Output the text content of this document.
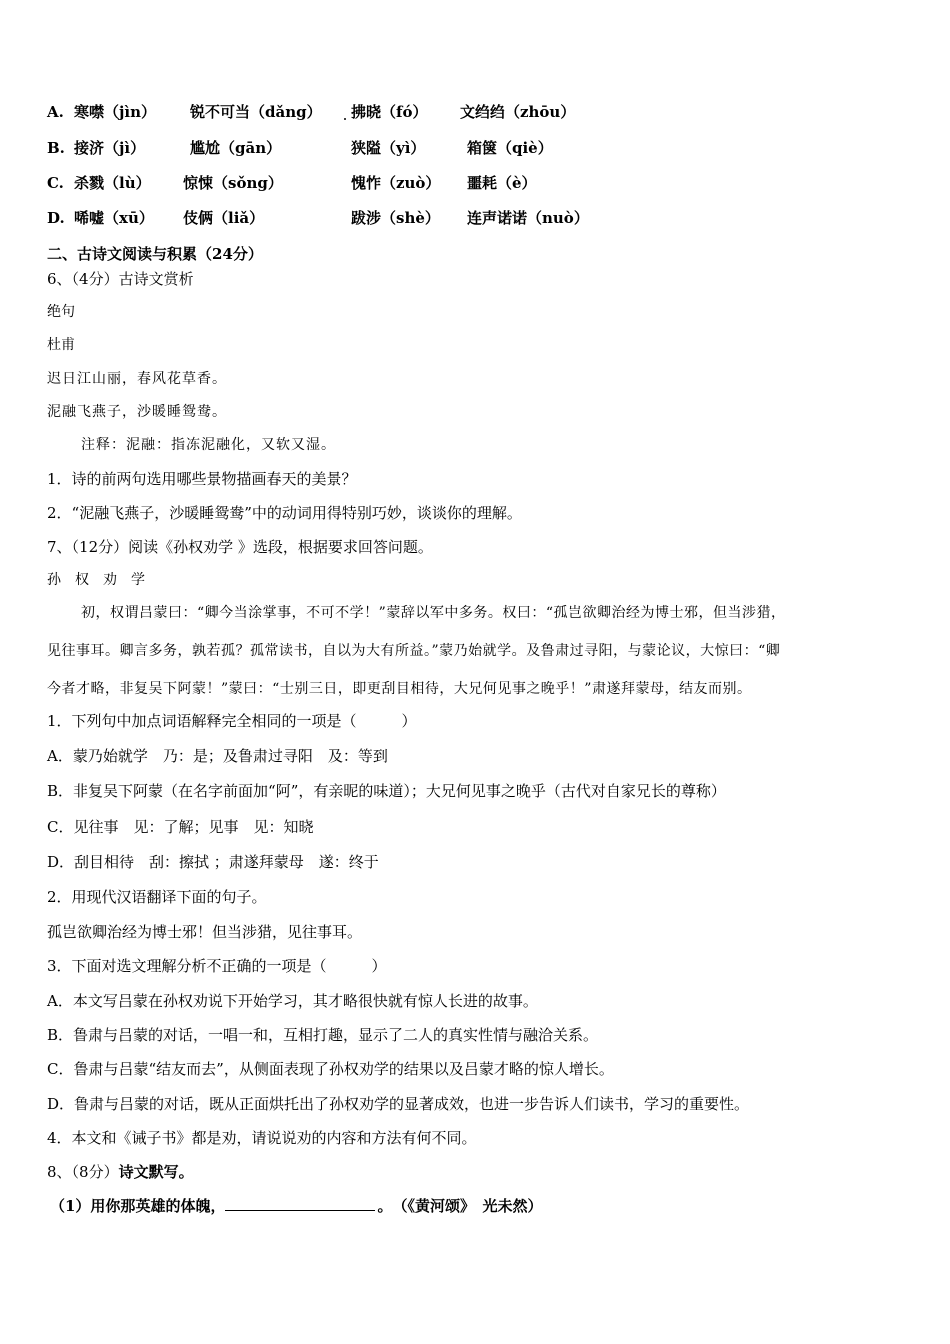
A. 寒噤（jìn） 锐不可当（dǎng） 拂晓（fó） 文绉绉（zhōu）
B. 接济（jì）	尴尬（gān）	狭隘（yì）	箱箧（qiè）
C. 杀戮（lù） 惊悚（sǒng）	愧怍（zuò） 噩耗（è）
D. 唏嘘（xū） 伎俩（liǎ）	跋涉（shè） 连声诺诺（nuò）
二、古诗文阅读与积累（24分）
6、（4分）古诗文赏析
绝句
杜甫
迟日江山丽，春风花草香。
泥融飞燕子，沙暖睡鸳鸯。
注释：泥融：指冻泥融化，又软又湿。
1．诗的前两句选用哪些景物描画春天的美景？
2．“泥融飞燕子，沙暖睡鸳鸯”中的动词用得特别巧妙，谈谈你的理解。
7、（12分）阅读《孙权劝学 》选段，根据要求回答问题。
孙　权　劝　学
初，权谓吕蒙曰：“卿今当涂掌事，不可不学！”蒙辞以军中多务。权曰：“孤岂欲卿治经为博士邪，但当涉猎，
见往事耳。卿言多务，孰若孤？孤常读书，自以为大有所益。”蒙乃始就学。及鲁肃过寻阳，与蒙论议，大惊曰：“卿
今者才略，非复吴下阿蒙！”蒙曰：“士别三日，即更刮目相待，大兄何见事之晚乎！”肃遂拜蒙母，结友而别。
1．下列句中加点词语解释完全相同的一项是（　　　）
A．蒙乃始就学　乃：是；及鲁肃过寻阳　及：等到
B．非复吴下阿蒙（在名字前面加“阿”，有亲昵的味道）；大兄何见事之晚乎（古代对自家兄长的尊称）
C．见往事　见：了解；见事　见：知晓
D．刮目相待　刮：擦拭 ；肃遂拜蒙母　遂：终于
2．用现代汉语翻译下面的句子。
孤岂欲卿治经为博士邪！但当涉猎，见往事耳。
3．下面对选文理解分析不正确的一项是（　　　）
A．本文写吕蒙在孙权劝说下开始学习，其才略很快就有惊人长进的故事。
B．鲁肃与吕蒙的对话，一唱一和，互相打趣，显示了二人的真实性情与融洽关系。
C．鲁肃与吕蒙“结友而去”，从侧面表现了孙权劝学的结果以及吕蒙才略的惊人增长。
D．鲁肃与吕蒙的对话，既从正面烘托出了孙权劝学的显著成效，也进一步告诉人们读书，学习的重要性。
4．本文和《诫子书》都是劝，请说说劝的内容和方法有何不同。
8、（8分）诗文默写。
（1）用你那英雄的体魄，	。　（《黄河颂》　光未然）
